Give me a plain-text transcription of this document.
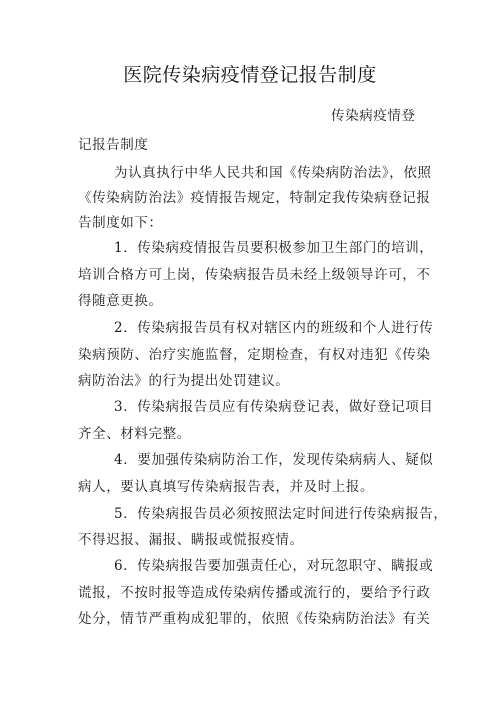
医院传染病疫情登记报告制度
传染病疫情登
记报告制度
为认真执行中华人民共和国《传染病防治法》，依照
《传染病防治法》疫情报告规定，特制定我传染病登记报
告制度如下：
1．传染病疫情报告员要积极参加卫生部门的培训，
培训合格方可上岗，传染病报告员未经上级领导许可，不
得随意更换。
2．传染病报告员有权对辖区内的班级和个人进行传
染病预防、治疗实施监督，定期检查，有权对违犯《传染
病防治法》的行为提出处罚建议。
3．传染病报告员应有传染病登记表，做好登记项目
齐全、材料完整。
4．要加强传染病防治工作，发现传染病病人、疑似
病人，要认真填写传染病报告表，并及时上报。
5．传染病报告员必须按照法定时间进行传染病报告，
不得迟报、漏报、瞒报或慌报疫情。
6．传染病报告要加强责任心，对玩忽职守、瞒报或
谎报，不按时报等造成传染病传播或流行的，要给予行政
处分，情节严重构成犯罪的，依照《传染病防治法》有关
